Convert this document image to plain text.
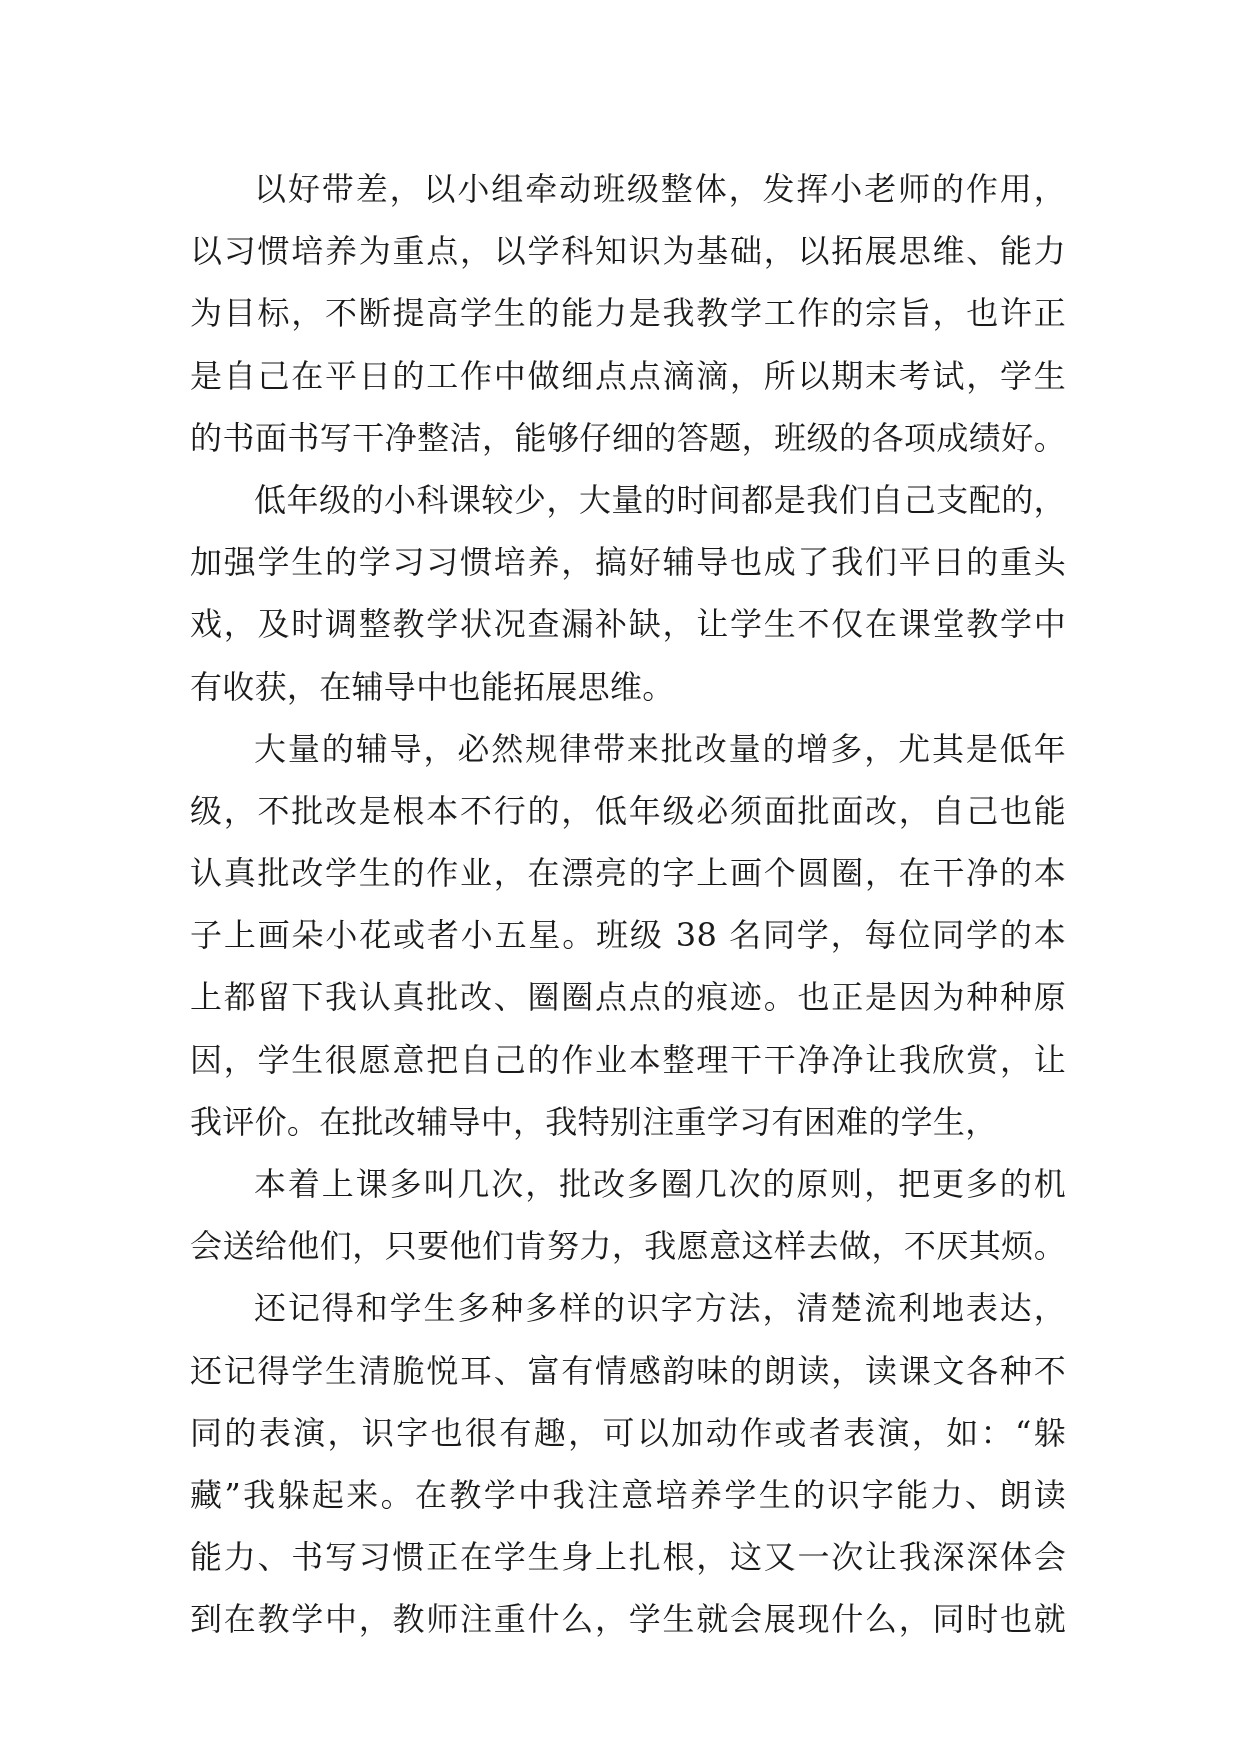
以好带差，以小组牵动班级整体，发挥小老师的作用，
以习惯培养为重点，以学科知识为基础，以拓展思维、能力
为目标，不断提高学生的能力是我教学工作的宗旨，也许正
是自己在平日的工作中做细点点滴滴，所以期末考试，学生
的书面书写干净整洁，能够仔细的答题，班级的各项成绩好。
低年级的小科课较少，大量的时间都是我们自己支配的，
加强学生的学习习惯培养，搞好辅导也成了我们平日的重头
戏，及时调整教学状况查漏补缺，让学生不仅在课堂教学中
有收获，在辅导中也能拓展思维。
大量的辅导，必然规律带来批改量的增多，尤其是低年
级，不批改是根本不行的，低年级必须面批面改，自己也能
认真批改学生的作业，在漂亮的字上画个圆圈，在干净的本
子上画朵小花或者小五星。班级 38 名同学，每位同学的本
上都留下我认真批改、圈圈点点的痕迹。也正是因为种种原
因，学生很愿意把自己的作业本整理干干净净让我欣赏，让
我评价。在批改辅导中，我特别注重学习有困难的学生，
本着上课多叫几次，批改多圈几次的原则，把更多的机
会送给他们，只要他们肯努力，我愿意这样去做，不厌其烦。
还记得和学生多种多样的识字方法，清楚流利地表达，
还记得学生清脆悦耳、富有情感韵味的朗读，读课文各种不
同的表演，识字也很有趣，可以加动作或者表演，如：“躲
藏”我躲起来。在教学中我注意培养学生的识字能力、朗读
能力、书写习惯正在学生身上扎根，这又一次让我深深体会
到在教学中，教师注重什么，学生就会展现什么，同时也就
